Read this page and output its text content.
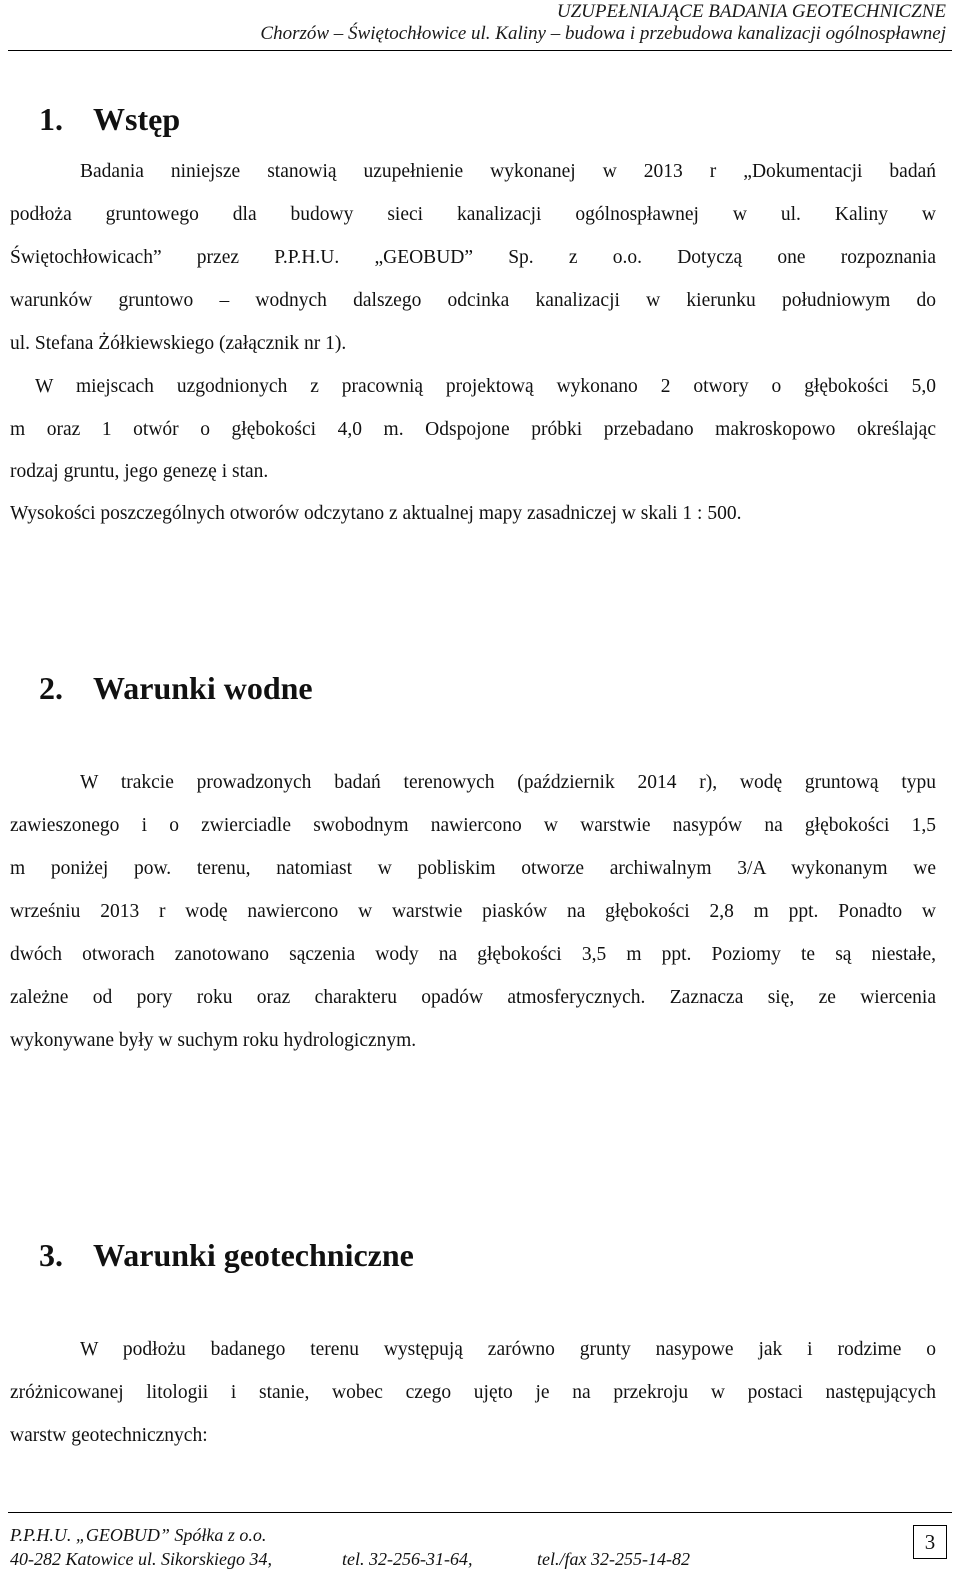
UZUPEŁNIAJĄCE BADANIA GEOTECHNICZNE
Chorzów – Świętochłowice ul. Kaliny – budowa i przebudowa kanalizacji ogólnospławnej
1. Wstęp
Badania niniejsze stanowią uzupełnienie wykonanej w 2013 r „Dokumentacji badań
podłoża gruntowego dla budowy sieci kanalizacji ogólnospławnej w ul. Kaliny w
Świętochłowicach” przez P.P.H.U. „GEOBUD” Sp. z o.o. Dotyczą one rozpoznania
warunków gruntowo – wodnych dalszego odcinka kanalizacji w kierunku południowym do
ul. Stefana Żółkiewskiego (załącznik nr 1).
W miejscach uzgodnionych z pracownią projektową wykonano 2 otwory o głębokości 5,0
m oraz 1 otwór o głębokości 4,0 m. Odspojone próbki przebadano makroskopowo określając
rodzaj gruntu, jego genezę i stan.
Wysokości poszczególnych otworów odczytano z aktualnej mapy zasadniczej w skali 1 : 500.
2. Warunki wodne
W trakcie prowadzonych badań terenowych (październik 2014 r), wodę gruntową typu
zawieszonego i o zwierciadle swobodnym nawiercono w warstwie nasypów na głębokości 1,5
m poniżej pow. terenu, natomiast w pobliskim otworze archiwalnym 3/A wykonanym we
wrześniu 2013 r wodę nawiercono w warstwie piasków na głębokości 2,8 m ppt. Ponadto w
dwóch otworach zanotowano sączenia wody na głębokości 3,5 m ppt. Poziomy te są niestałe,
zależne od pory roku oraz charakteru opadów atmosferycznych. Zaznacza się, ze wiercenia
wykonywane były w suchym roku hydrologicznym.
3. Warunki geotechniczne
W podłożu badanego terenu występują zarówno grunty nasypowe jak i rodzime o
zróżnicowanej litologii i stanie, wobec czego ujęto je na przekroju w postaci następujących
warstw geotechnicznych:
P.P.H.U. „GEOBUD” Spółka z o.o.
40-282 Katowice ul. Sikorskiego 34,	tel. 32-256-31-64,	tel./fax 32-255-14-82
3
